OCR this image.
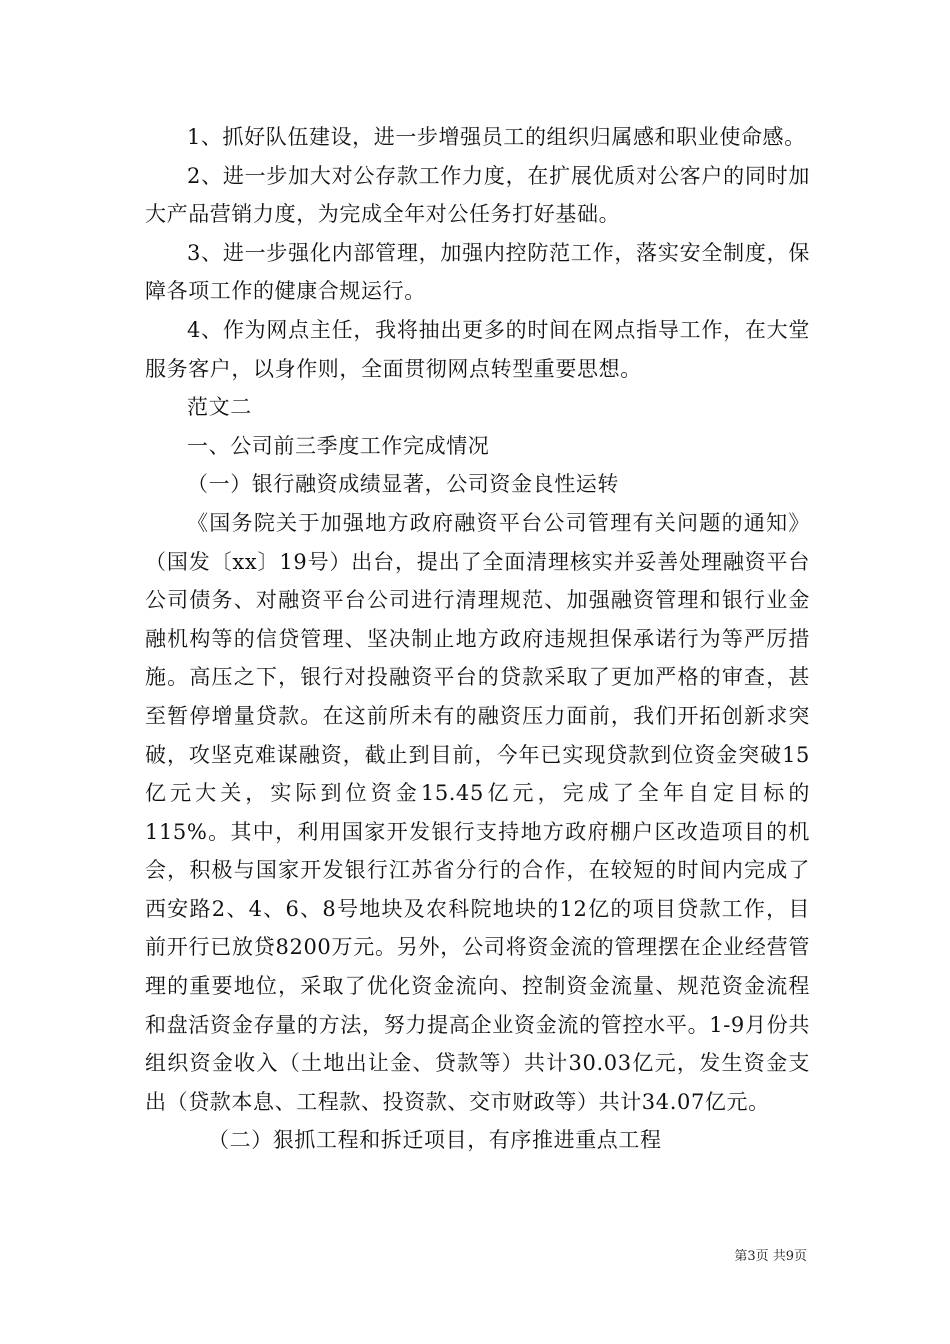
1、抓好队伍建设，进一步增强员工的组织归属感和职业使命感。

2、进一步加大对公存款工作力度，在扩展优质对公客户的同时加大产品营销力度，为完成全年对公任务打好基础。

3、进一步强化内部管理，加强内控防范工作，落实安全制度，保障各项工作的健康合规运行。

4、作为网点主任，我将抽出更多的时间在网点指导工作，在大堂服务客户，以身作则，全面贯彻网点转型重要思想。

范文二

一、公司前三季度工作完成情况

（一）银行融资成绩显著，公司资金良性运转

《国务院关于加强地方政府融资平台公司管理有关问题的通知》（国发〔xx〕19号）出台，提出了全面清理核实并妥善处理融资平台公司债务、对融资平台公司进行清理规范、加强融资管理和银行业金融机构等的信贷管理、坚决制止地方政府违规担保承诺行为等严厉措施。高压之下，银行对投融资平台的贷款采取了更加严格的审查，甚至暂停增量贷款。在这前所未有的融资压力面前，我们开拓创新求突破，攻坚克难谋融资，截止到目前，今年已实现贷款到位资金突破15亿元大关，实际到位资金15.45亿元，完成了全年自定目标的115%。其中，利用国家开发银行支持地方政府棚户区改造项目的机会，积极与国家开发银行江苏省分行的合作，在较短的时间内完成了西安路2、4、6、8号地块及农科院地块的12亿的项目贷款工作，目前开行已放贷8200万元。另外，公司将资金流的管理摆在企业经营管理的重要地位，采取了优化资金流向、控制资金流量、规范资金流程和盘活资金存量的方法，努力提高企业资金流的管控水平。1-9月份共组织资金收入（土地出让金、贷款等）共计30.03亿元，发生资金支出（贷款本息、工程款、投资款、交市财政等）共计34.07亿元。

（二）狠抓工程和拆迁项目，有序推进重点工程

第3页 共9页
